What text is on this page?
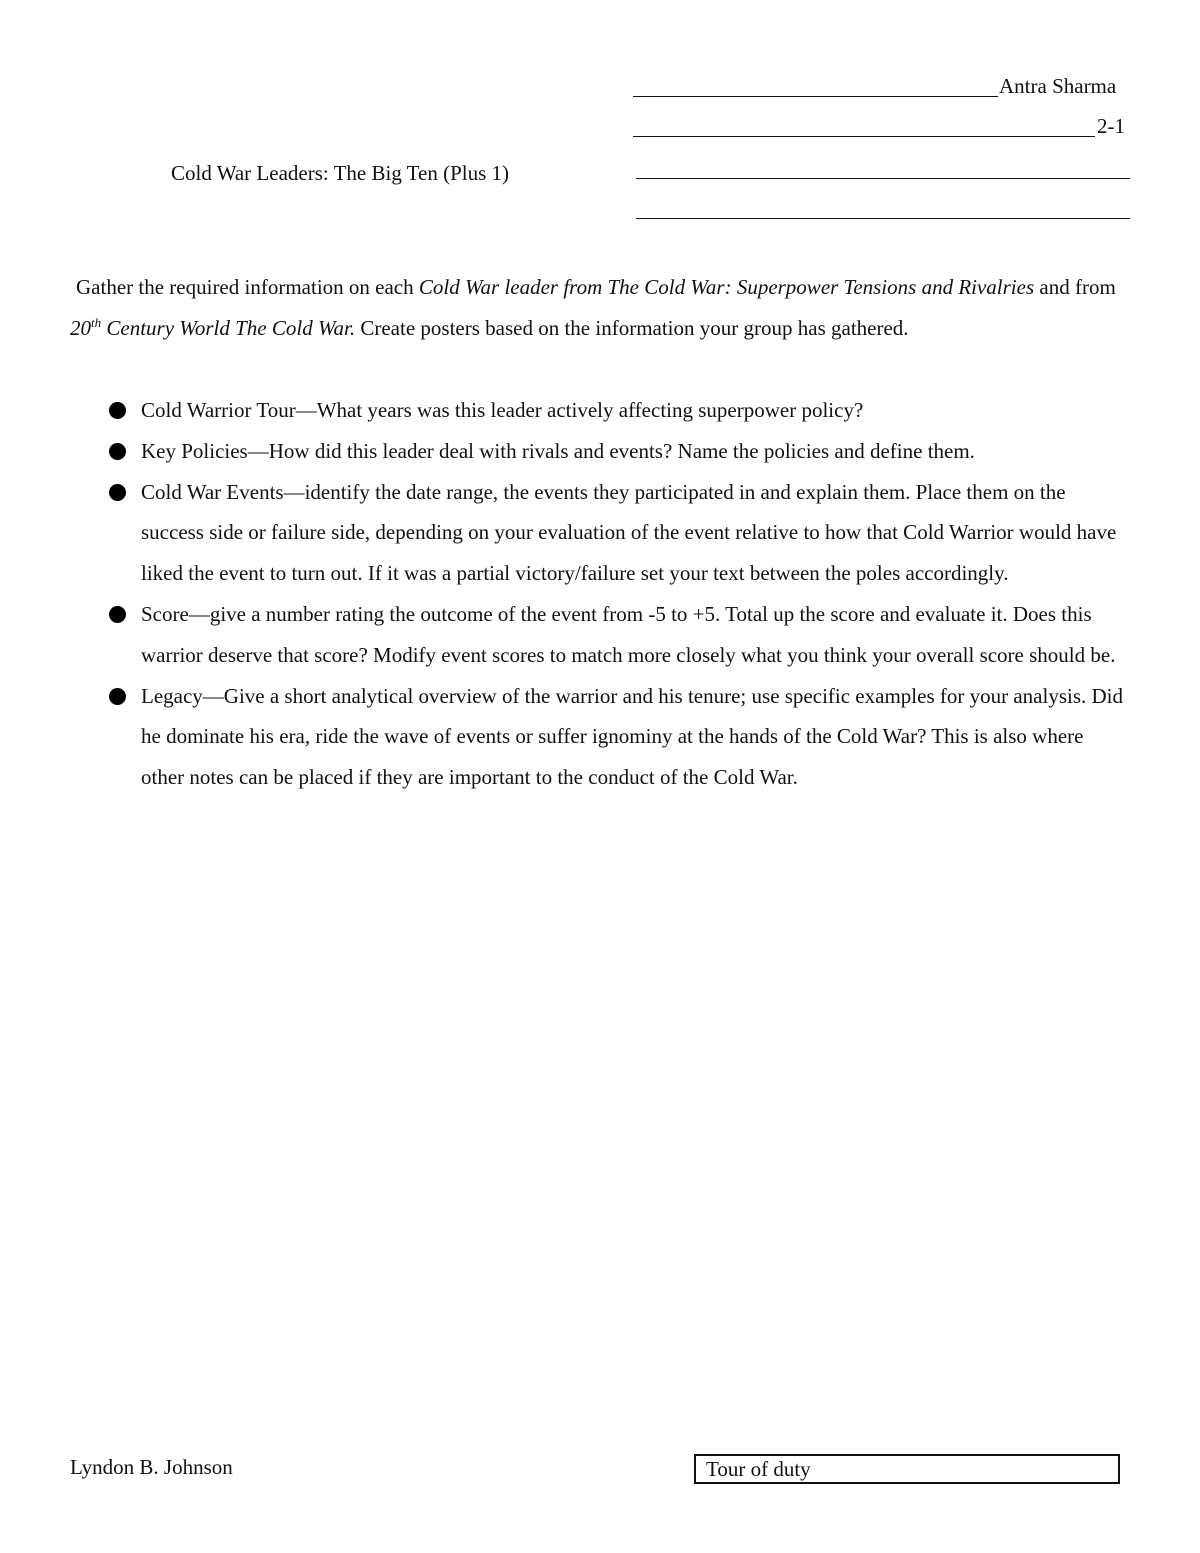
Antra Sharma
2-1
Cold War Leaders: The Big Ten (Plus 1)
Gather the required information on each Cold War leader from The Cold War: Superpower Tensions and Rivalries and from 20th Century World The Cold War. Create posters based on the information your group has gathered.
Cold Warrior Tour—What years was this leader actively affecting superpower policy?
Key Policies—How did this leader deal with rivals and events? Name the policies and define them.
Cold War Events—identify the date range, the events they participated in and explain them. Place them on the success side or failure side, depending on your evaluation of the event relative to how that Cold Warrior would have liked the event to turn out. If it was a partial victory/failure set your text between the poles accordingly.
Score—give a number rating the outcome of the event from -5 to +5. Total up the score and evaluate it. Does this warrior deserve that score? Modify event scores to match more closely what you think your overall score should be.
Legacy—Give a short analytical overview of the warrior and his tenure; use specific examples for your analysis. Did he dominate his era, ride the wave of events or suffer ignominy at the hands of the Cold War? This is also where other notes can be placed if they are important to the conduct of the Cold War.
Lyndon B. Johnson	Tour of duty
